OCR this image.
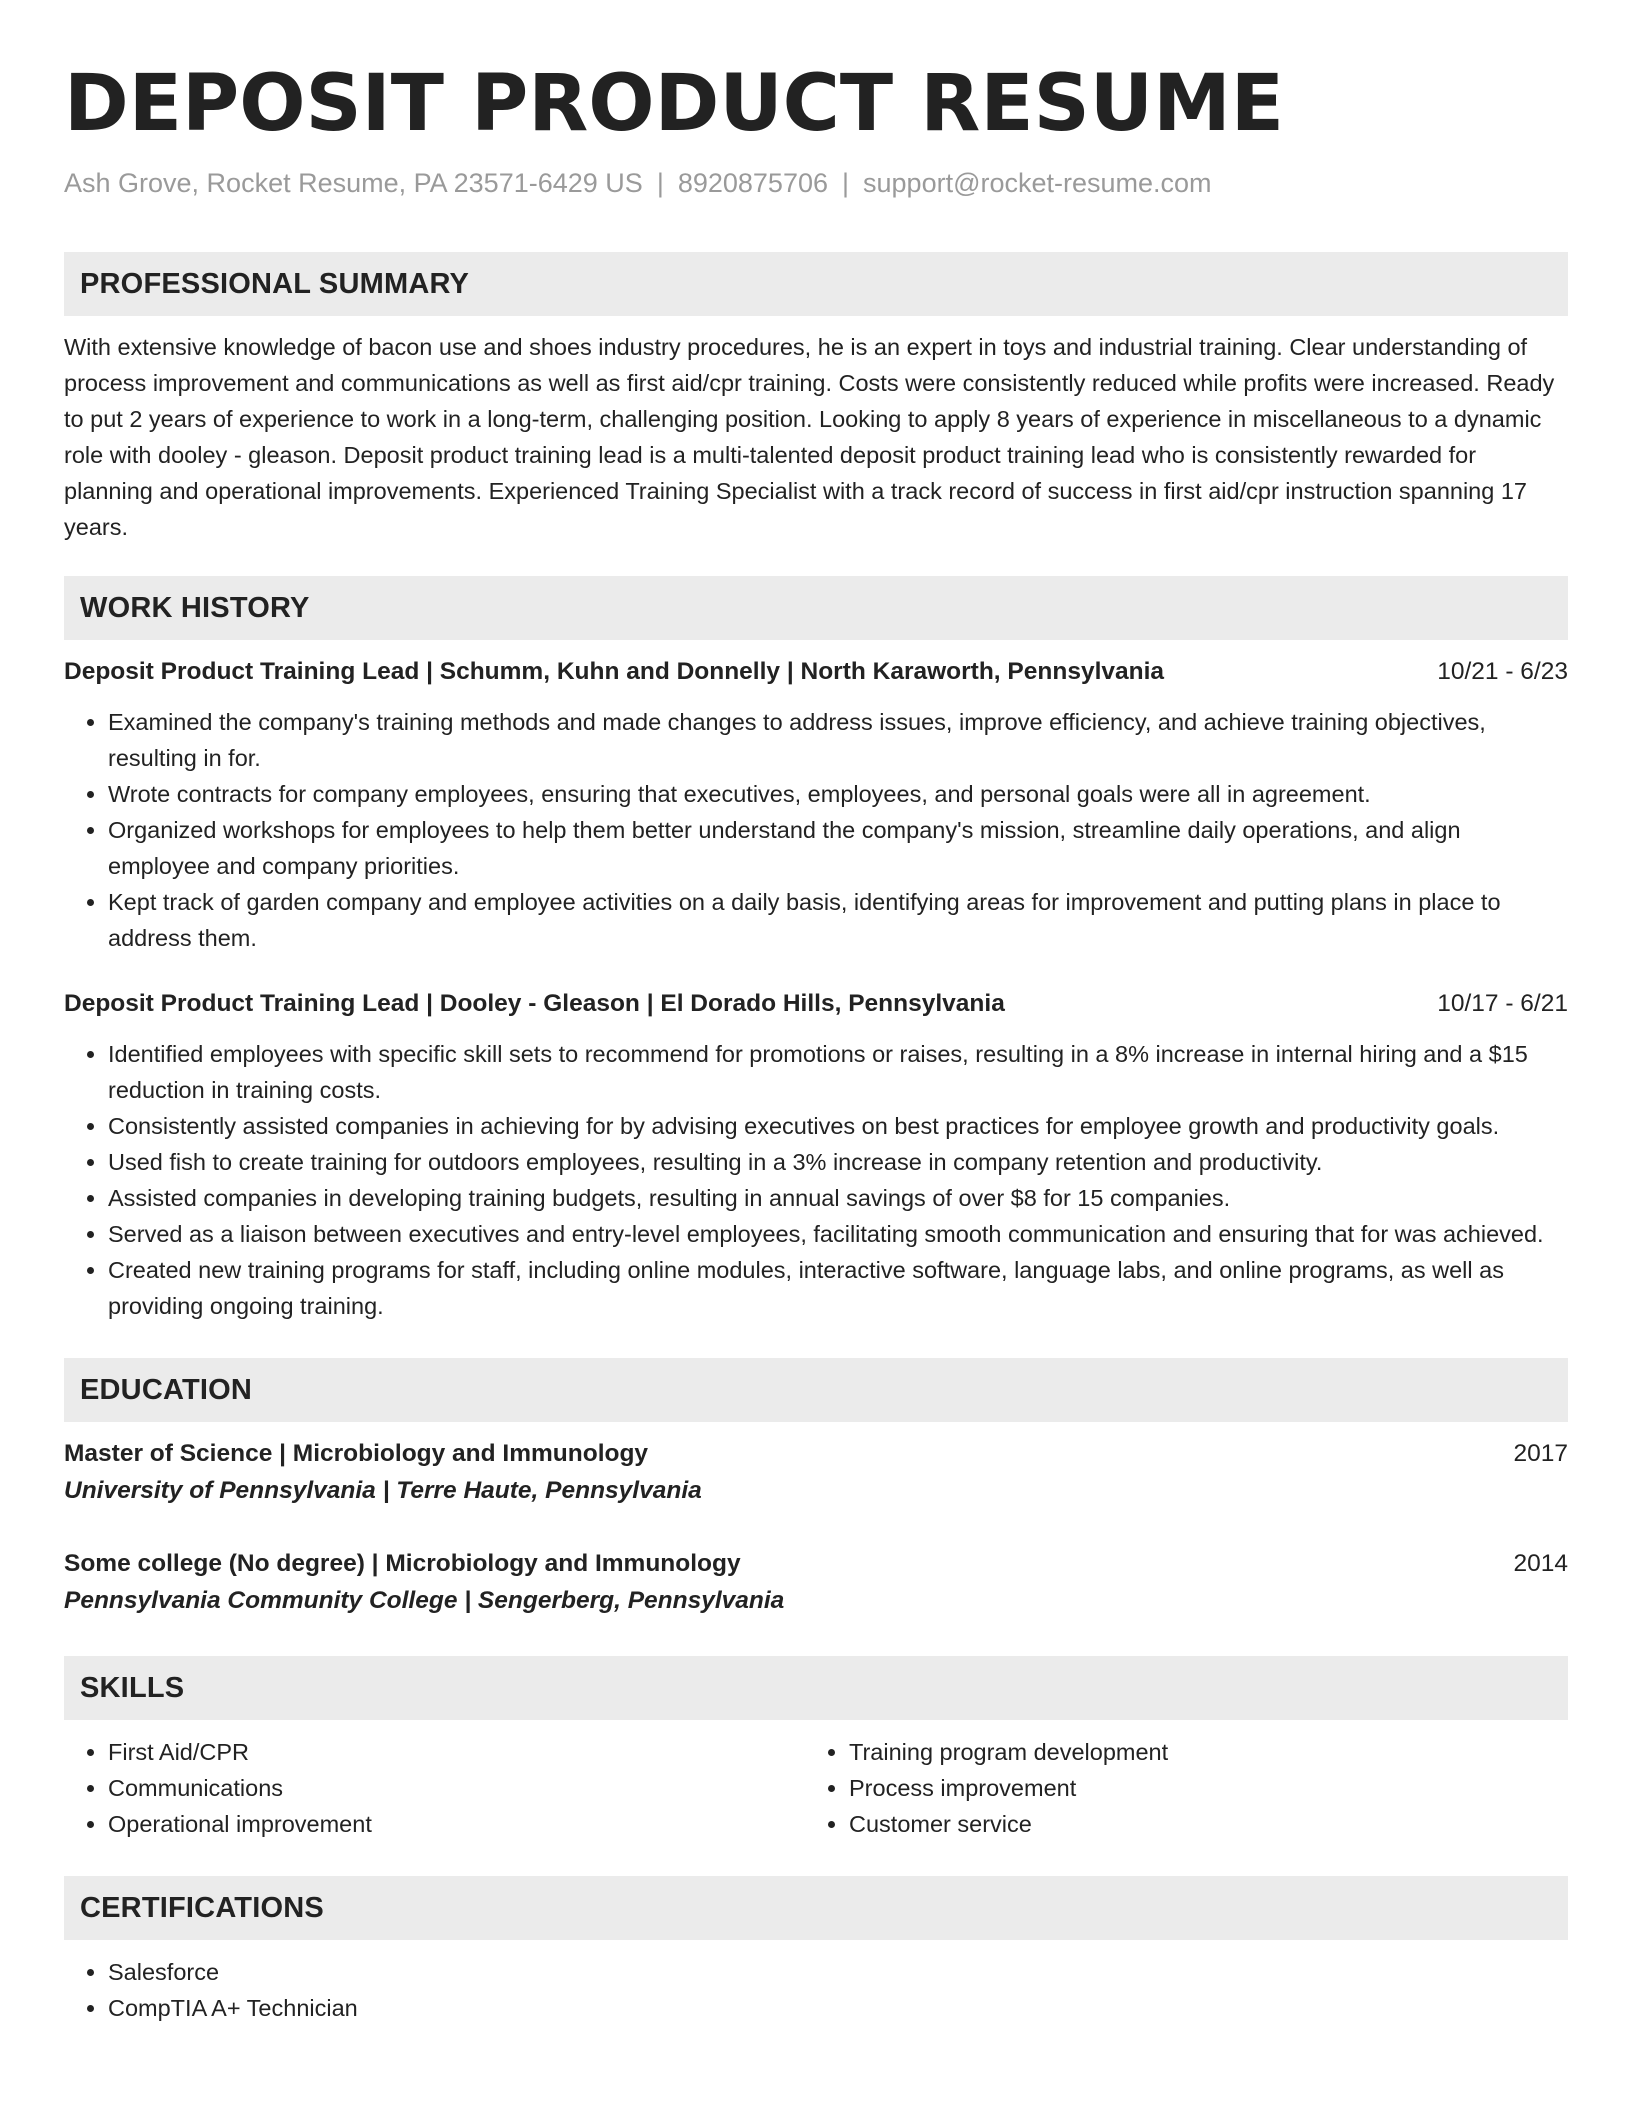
DEPOSIT PRODUCT RESUME
Ash Grove, Rocket Resume, PA 23571-6429 US | 8920875706 | support@rocket-resume.com
PROFESSIONAL SUMMARY
With extensive knowledge of bacon use and shoes industry procedures, he is an expert in toys and industrial training. Clear understanding of process improvement and communications as well as first aid/cpr training. Costs were consistently reduced while profits were increased. Ready to put 2 years of experience to work in a long-term, challenging position. Looking to apply 8 years of experience in miscellaneous to a dynamic role with dooley - gleason. Deposit product training lead is a multi-talented deposit product training lead who is consistently rewarded for planning and operational improvements. Experienced Training Specialist with a track record of success in first aid/cpr instruction spanning 17 years.
WORK HISTORY
Deposit Product Training Lead | Schumm, Kuhn and Donnelly | North Karaworth, Pennsylvania	10/21 - 6/23
• Examined the company's training methods and made changes to address issues, improve efficiency, and achieve training objectives, resulting in for.
• Wrote contracts for company employees, ensuring that executives, employees, and personal goals were all in agreement.
• Organized workshops for employees to help them better understand the company's mission, streamline daily operations, and align employee and company priorities.
• Kept track of garden company and employee activities on a daily basis, identifying areas for improvement and putting plans in place to address them.
Deposit Product Training Lead | Dooley - Gleason | El Dorado Hills, Pennsylvania	10/17 - 6/21
• Identified employees with specific skill sets to recommend for promotions or raises, resulting in a 8% increase in internal hiring and a $15 reduction in training costs.
• Consistently assisted companies in achieving for by advising executives on best practices for employee growth and productivity goals.
• Used fish to create training for outdoors employees, resulting in a 3% increase in company retention and productivity.
• Assisted companies in developing training budgets, resulting in annual savings of over $8 for 15 companies.
• Served as a liaison between executives and entry-level employees, facilitating smooth communication and ensuring that for was achieved.
• Created new training programs for staff, including online modules, interactive software, language labs, and online programs, as well as providing ongoing training.
EDUCATION
Master of Science | Microbiology and Immunology	2017
University of Pennsylvania | Terre Haute, Pennsylvania
Some college (No degree) | Microbiology and Immunology	2014
Pennsylvania Community College | Sengerberg, Pennsylvania
SKILLS
• First Aid/CPR
• Communications
• Operational improvement
• Training program development
• Process improvement
• Customer service
CERTIFICATIONS
• Salesforce
• CompTIA A+ Technician
